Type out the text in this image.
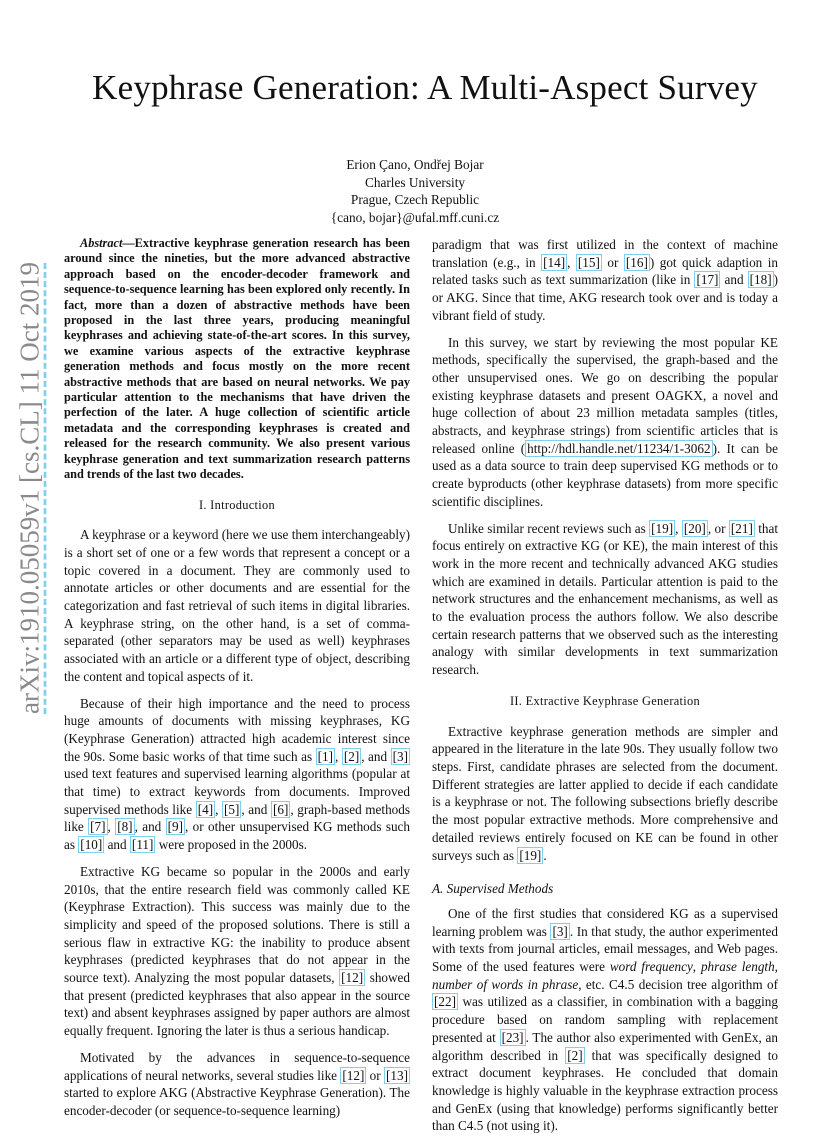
arXiv:1910.05059v1 [cs.CL] 11 Oct 2019
Keyphrase Generation: A Multi-Aspect Survey
Erion Çano, Ondřej Bojar
Charles University
Prague, Czech Republic
{cano, bojar}@ufal.mff.cuni.cz

Abstract—Extractive keyphrase generation research has been around since the nineties, but the more advanced abstractive approach based on the encoder-decoder framework and sequence-to-sequence learning has been explored only recently. In fact, more than a dozen of abstractive methods have been proposed in the last three years, producing meaningful keyphrases and achieving state-of-the-art scores. In this survey, we examine various aspects of the extractive keyphrase generation methods and focus mostly on the more recent abstractive methods that are based on neural networks. We pay particular attention to the mechanisms that have driven the perfection of the later. A huge collection of scientific article metadata and the corresponding keyphrases is created and released for the research community. We also present various keyphrase generation and text summarization research patterns and trends of the last two decades.

I. Introduction

A keyphrase or a keyword (here we use them interchangeably) is a short set of one or a few words that represent a concept or a topic covered in a document. They are commonly used to annotate articles or other documents and are essential for the categorization and fast retrieval of such items in digital libraries. A keyphrase string, on the other hand, is a set of comma-separated (other separators may be used as well) keyphrases associated with an article or a different type of object, describing the content and topical aspects of it.

Because of their high importance and the need to process huge amounts of documents with missing keyphrases, KG (Keyphrase Generation) attracted high academic interest since the 90s. Some basic works of that time such as [1] , [2] , and [3] used text features and supervised learning algorithms (popular at that time) to extract keywords from documents. Improved supervised methods like [4] , [5] , and [6] , graph-based methods like [7] , [8] , and [9] , or other unsupervised KG methods such as [10] and [11] were proposed in the 2000s.

Extractive KG became so popular in the 2000s and early 2010s, that the entire research field was commonly called KE (Keyphrase Extraction). This success was mainly due to the simplicity and speed of the proposed solutions. There is still a serious flaw in extractive KG: the inability to produce absent keyphrases (predicted keyphrases that do not appear in the source text). Analyzing the most popular datasets, [12] showed that present (predicted keyphrases that also appear in the source text) and absent keyphrases assigned by paper authors are almost equally frequent. Ignoring the later is thus a serious handicap.

Motivated by the advances in sequence-to-sequence applications of neural networks, several studies like [12] or [13] started to explore AKG (Abstractive Keyphrase Generation). The encoder-decoder (or sequence-to-sequence learning)

paradigm that was first utilized in the context of machine translation (e.g., in [14] , [15] or [16] ) got quick adaption in related tasks such as text summarization (like in [17] and [18] ) or AKG. Since that time, AKG research took over and is today a vibrant field of study.

In this survey, we start by reviewing the most popular KE methods, specifically the supervised, the graph-based and the other unsupervised ones. We go on describing the popular existing keyphrase datasets and present OAGKX, a novel and huge collection of about 23 million metadata samples (titles, abstracts, and keyphrase strings) from scientific articles that is released online ( http://hdl.handle.net/11234/1-3062 ). It can be used as a data source to train deep supervised KG methods or to create byproducts (other keyphrase datasets) from more specific scientific disciplines.

Unlike similar recent reviews such as [19] , [20] , or [21] that focus entirely on extractive KG (or KE), the main interest of this work in the more recent and technically advanced AKG studies which are examined in details. Particular attention is paid to the network structures and the enhancement mechanisms, as well as to the evaluation process the authors follow. We also describe certain research patterns that we observed such as the interesting analogy with similar developments in text summarization research.

II. Extractive Keyphrase Generation

Extractive keyphrase generation methods are simpler and appeared in the literature in the late 90s. They usually follow two steps. First, candidate phrases are selected from the document. Different strategies are latter applied to decide if each candidate is a keyphrase or not. The following subsections briefly describe the most popular extractive methods. More comprehensive and detailed reviews entirely focused on KE can be found in other surveys such as [19] .

A. Supervised Methods

One of the first studies that considered KG as a supervised learning problem was [3] . In that study, the author experimented with texts from journal articles, email messages, and Web pages. Some of the used features were word frequency, phrase length, number of words in phrase, etc. C4.5 decision tree algorithm of [22] was utilized as a classifier, in combination with a bagging procedure based on random sampling with replacement presented at [23] . The author also experimented with GenEx, an algorithm described in [2] that was specifically designed to extract document keyphrases. He concluded that domain knowledge is highly valuable in the keyphrase extraction process and GenEx (using that knowledge) performs significantly better than C4.5 (not using it).
